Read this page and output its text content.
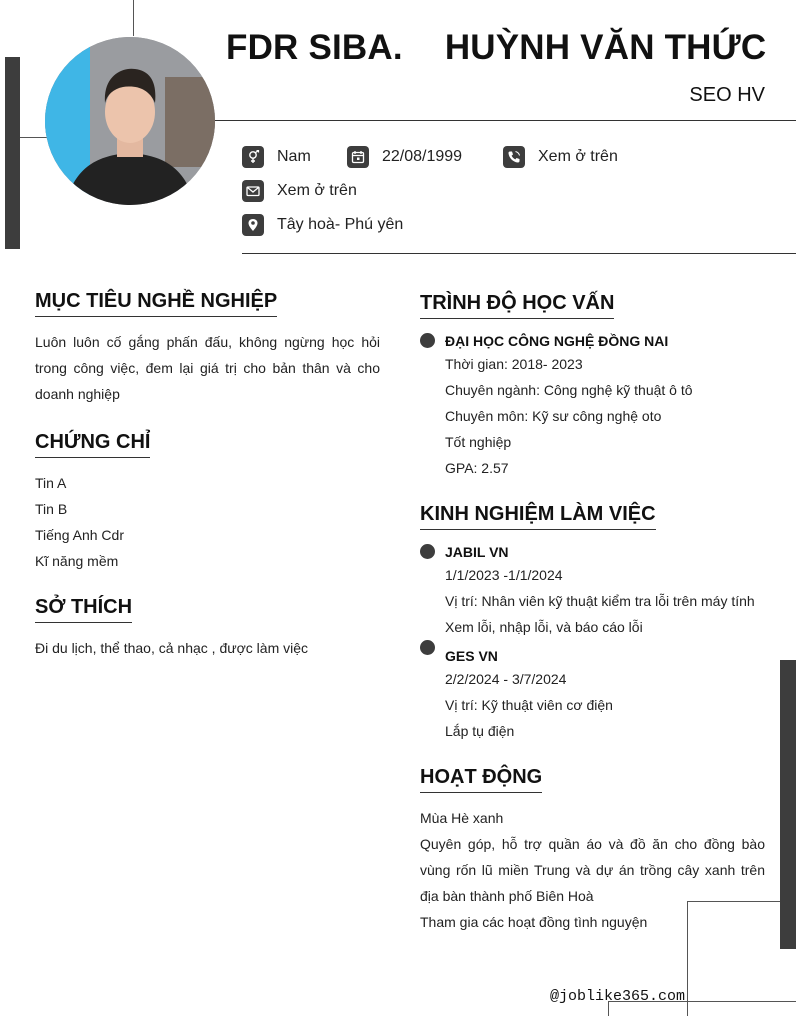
FDR SIBA. HUỲNH VĂN THỨC
SEO HV
Nam	22/08/1999	Xem ở trên
Xem ở trên
Tây hoà- Phú yên
MỤC TIÊU NGHỀ NGHIỆP
Luôn luôn cố gắng phấn đấu, không ngừng học hỏi trong công việc, đem lại giá trị cho bản thân và cho doanh nghiệp
CHỨNG CHỈ
Tin A
Tin B
Tiếng Anh Cdr
Kĩ năng mềm
SỞ THÍCH
Đi du lịch, thể thao, cả nhạc , được làm việc
TRÌNH ĐỘ HỌC VẤN
ĐẠI HỌC CÔNG NGHỆ ĐỒNG NAI
Thời gian: 2018- 2023
Chuyên ngành: Công nghệ kỹ thuật ô tô
Chuyên môn: Kỹ sư công nghệ oto
Tốt nghiệp
GPA: 2.57
KINH NGHIỆM LÀM VIỆC
JABIL VN
1/1/2023 -1/1/2024
Vị trí: Nhân viên kỹ thuật kiểm tra lỗi trên máy tính
Xem lỗi, nhập lỗi, và báo cáo lỗi
GES VN
2/2/2024 - 3/7/2024
Vị trí: Kỹ thuật viên cơ điện
Lắp tụ điện
HOẠT ĐỘNG
Mùa Hè xanh
Quyên góp, hỗ trợ quần áo và đồ ăn cho đồng bào vùng rốn lũ miền Trung và dự án trồng cây xanh trên địa bàn thành phố Biên Hoà
Tham gia các hoạt đồng tình nguyện
@joblike365.com
